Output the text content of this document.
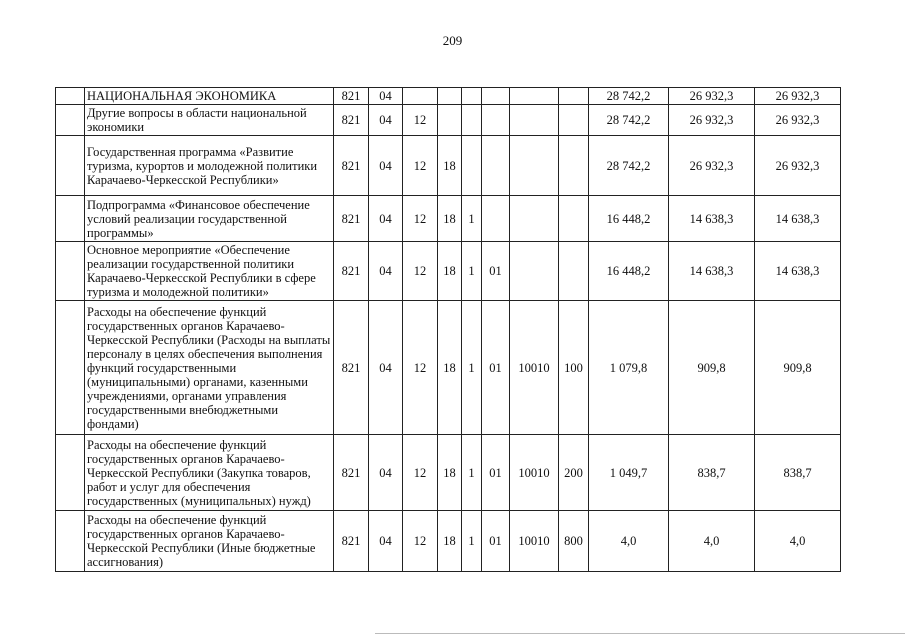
209
	НАЦИОНАЛЬНАЯ ЭКОНОМИКА	821	04							28 742,2	26 932,3	26 932,3
	Другие вопросы в области национальной экономики	821	04	12						28 742,2	26 932,3	26 932,3
	Государственная программа «Развитие туризма, курортов и молодежной политики Карачаево-Черкесской Республики»	821	04	12	18					28 742,2	26 932,3	26 932,3
	Подпрограмма «Финансовое обеспечение условий реализации государственной программы»	821	04	12	18	1				16 448,2	14 638,3	14 638,3
	Основное мероприятие «Обеспечение реализации государственной политики Карачаево-Черкесской Республики в сфере туризма и молодежной политики»	821	04	12	18	1	01			16 448,2	14 638,3	14 638,3
	Расходы на обеспечение функций государственных органов Карачаево-Черкесской Республики (Расходы на выплаты персоналу в целях обеспечения выполнения функций государственными (муниципальными) органами, казенными учреждениями, органами управления государственными внебюджетными фондами)	821	04	12	18	1	01	10010	100	1 079,8	909,8	909,8
	Расходы на обеспечение функций государственных органов Карачаево-Черкесской Республики (Закупка товаров, работ и услуг для обеспечения государственных (муниципальных) нужд)	821	04	12	18	1	01	10010	200	1 049,7	838,7	838,7
	Расходы на обеспечение функций государственных органов Карачаево-Черкесской Республики (Иные бюджетные ассигнования)	821	04	12	18	1	01	10010	800	4,0	4,0	4,0
